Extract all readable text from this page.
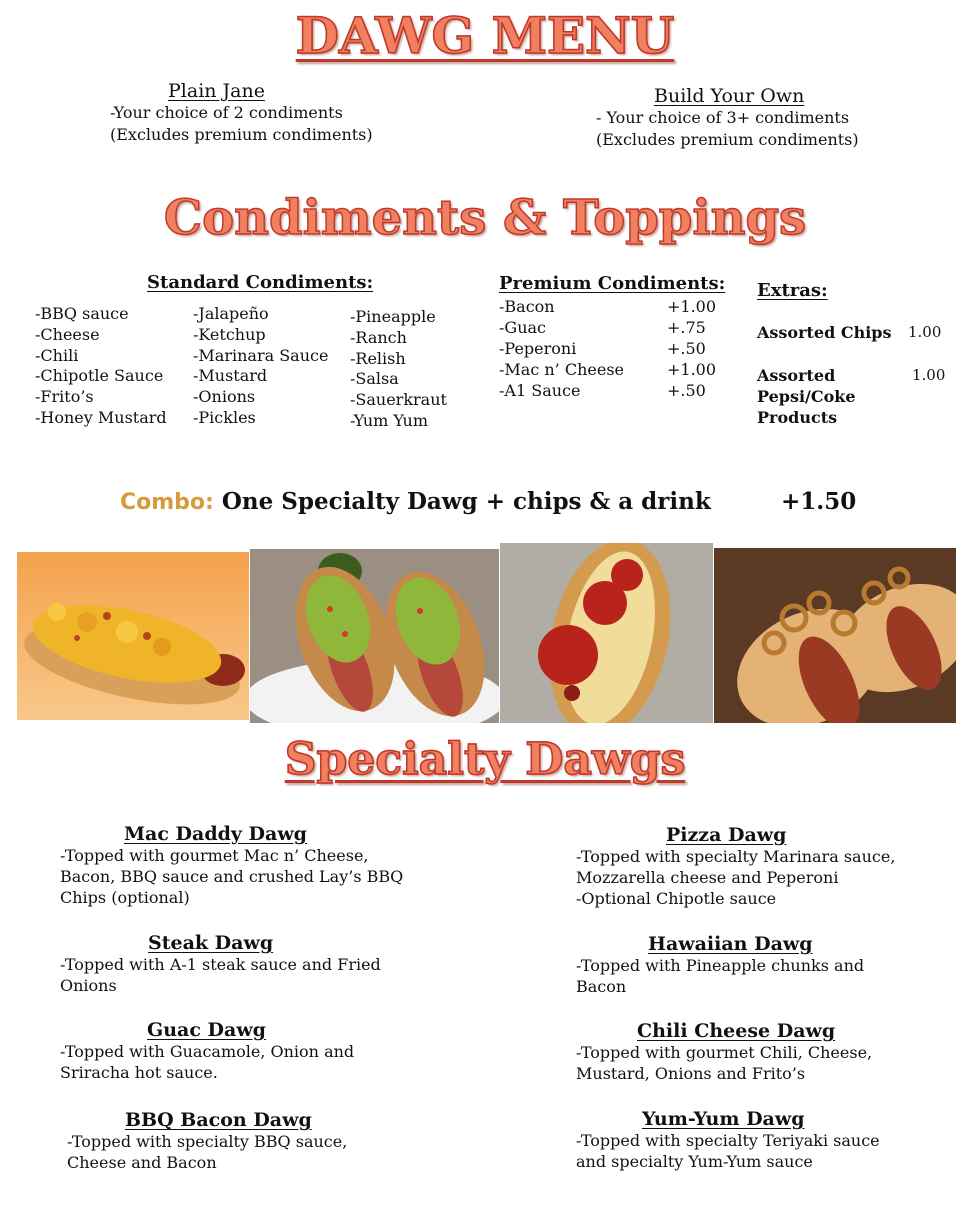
DAWG MENU
Plain Jane
-Your choice of 2 condiments
(Excludes premium condiments)
Build Your Own
- Your choice of 3+ condiments
(Excludes premium condiments)
Condiments & Toppings
Standard Condiments:
-BBQ sauce
-Cheese
-Chili
-Chipotle Sauce
-Frito’s
-Honey Mustard
-Jalapeño
-Ketchup
-Marinara Sauce
-Mustard
-Onions
-Pickles
-Pineapple
-Ranch
-Relish
-Salsa
-Sauerkraut
-Yum Yum
Premium Condiments:
-Bacon	+1.00
-Guac	+.75
-Peperoni	+.50
-Mac n’ Cheese	+1.00
-A1 Sauce	+.50
Extras:
Assorted Chips 1.00
Assorted
Pepsi/Coke
Products
1.00
Combo: One Specialty Dawg + chips & a drink	+1.50
Specialty Dawgs
Mac Daddy Dawg
-Topped with gourmet Mac n’ Cheese,
Bacon, BBQ sauce and crushed Lay’s BBQ
Chips (optional)
Steak Dawg
-Topped with A-1 steak sauce and Fried
Onions
Guac Dawg
-Topped with Guacamole, Onion and
Sriracha hot sauce.
BBQ Bacon Dawg
-Topped with specialty BBQ sauce,
Cheese and Bacon
Pizza Dawg
-Topped with specialty Marinara sauce,
Mozzarella cheese and Peperoni
-Optional Chipotle sauce
Hawaiian Dawg
-Topped with Pineapple chunks and
Bacon
Chili Cheese Dawg
-Topped with gourmet Chili, Cheese,
Mustard, Onions and Frito’s
Yum-Yum Dawg
-Topped with specialty Teriyaki sauce
and specialty Yum-Yum sauce
